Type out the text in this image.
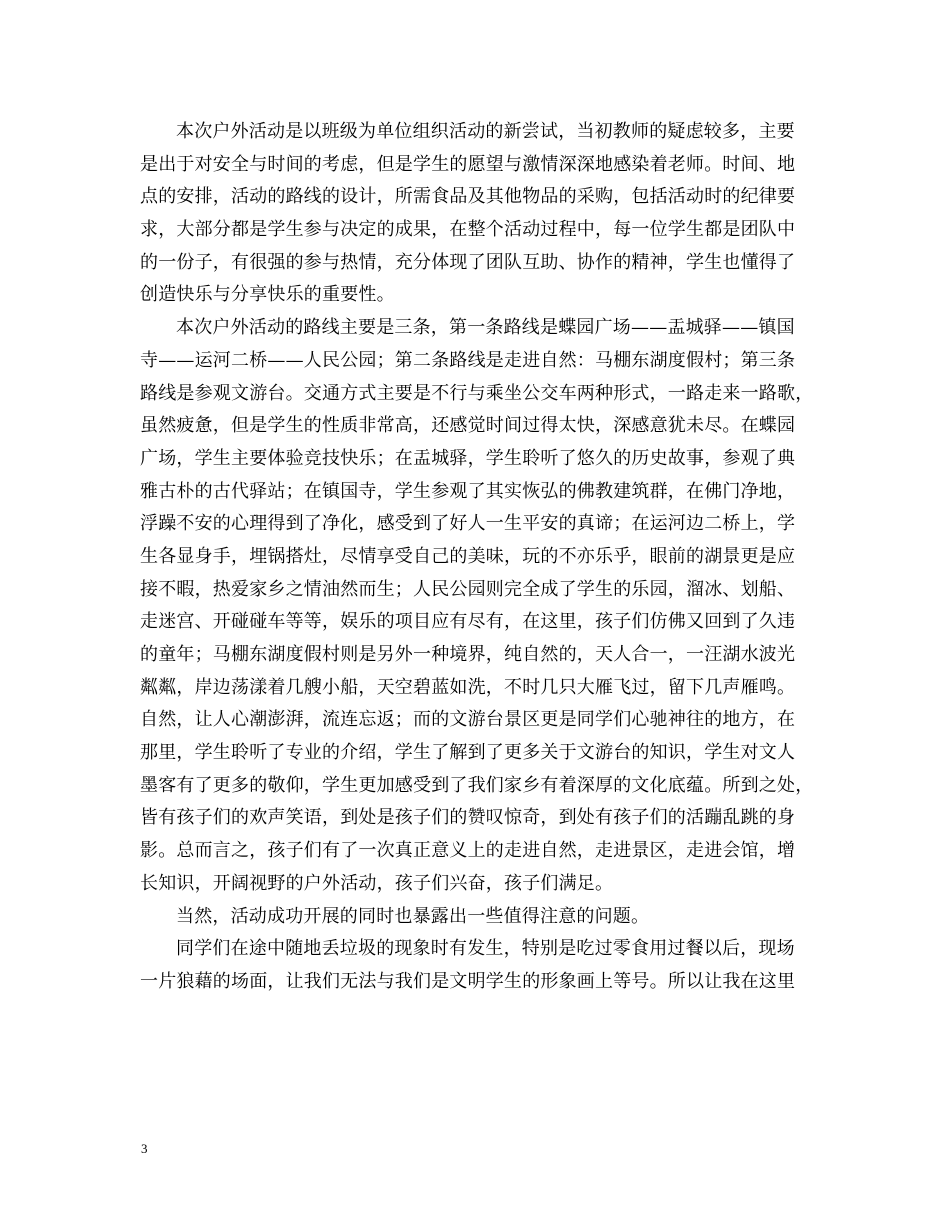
本次户外活动是以班级为单位组织活动的新尝试，当初教师的疑虑较多，主要
是出于对安全与时间的考虑，但是学生的愿望与激情深深地感染着老师。时间、地
点的安排，活动的路线的设计，所需食品及其他物品的采购，包括活动时的纪律要
求，大部分都是学生参与决定的成果，在整个活动过程中，每一位学生都是团队中
的一份子，有很强的参与热情，充分体现了团队互助、协作的精神，学生也懂得了
创造快乐与分享快乐的重要性。
本次户外活动的路线主要是三条，第一条路线是蝶园广场——盂城驿——镇国
寺——运河二桥——人民公园；第二条路线是走进自然：马棚东湖度假村；第三条
路线是参观文游台。交通方式主要是不行与乘坐公交车两种形式，一路走来一路歌，
虽然疲惫，但是学生的性质非常高，还感觉时间过得太快，深感意犹未尽。在蝶园
广场，学生主要体验竞技快乐；在盂城驿，学生聆听了悠久的历史故事，参观了典
雅古朴的古代驿站；在镇国寺，学生参观了其实恢弘的佛教建筑群，在佛门净地，
浮躁不安的心理得到了净化，感受到了好人一生平安的真谛；在运河边二桥上，学
生各显身手，埋锅搭灶，尽情享受自己的美味，玩的不亦乐乎，眼前的湖景更是应
接不暇，热爱家乡之情油然而生；人民公园则完全成了学生的乐园，溜冰、划船、
走迷宫、开碰碰车等等，娱乐的项目应有尽有，在这里，孩子们仿佛又回到了久违
的童年；马棚东湖度假村则是另外一种境界，纯自然的，天人合一，一汪湖水波光
粼粼，岸边荡漾着几艘小船，天空碧蓝如洗，不时几只大雁飞过，留下几声雁鸣。
自然，让人心潮澎湃，流连忘返；而的文游台景区更是同学们心驰神往的地方，在
那里，学生聆听了专业的介绍，学生了解到了更多关于文游台的知识，学生对文人
墨客有了更多的敬仰，学生更加感受到了我们家乡有着深厚的文化底蕴。所到之处，
皆有孩子们的欢声笑语，到处是孩子们的赞叹惊奇，到处有孩子们的活蹦乱跳的身
影。总而言之，孩子们有了一次真正意义上的走进自然，走进景区，走进会馆，增
长知识，开阔视野的户外活动，孩子们兴奋，孩子们满足。
当然，活动成功开展的同时也暴露出一些值得注意的问题。
同学们在途中随地丢垃圾的现象时有发生，特别是吃过零食用过餐以后，现场
一片狼藉的场面，让我们无法与我们是文明学生的形象画上等号。所以让我在这里
3
